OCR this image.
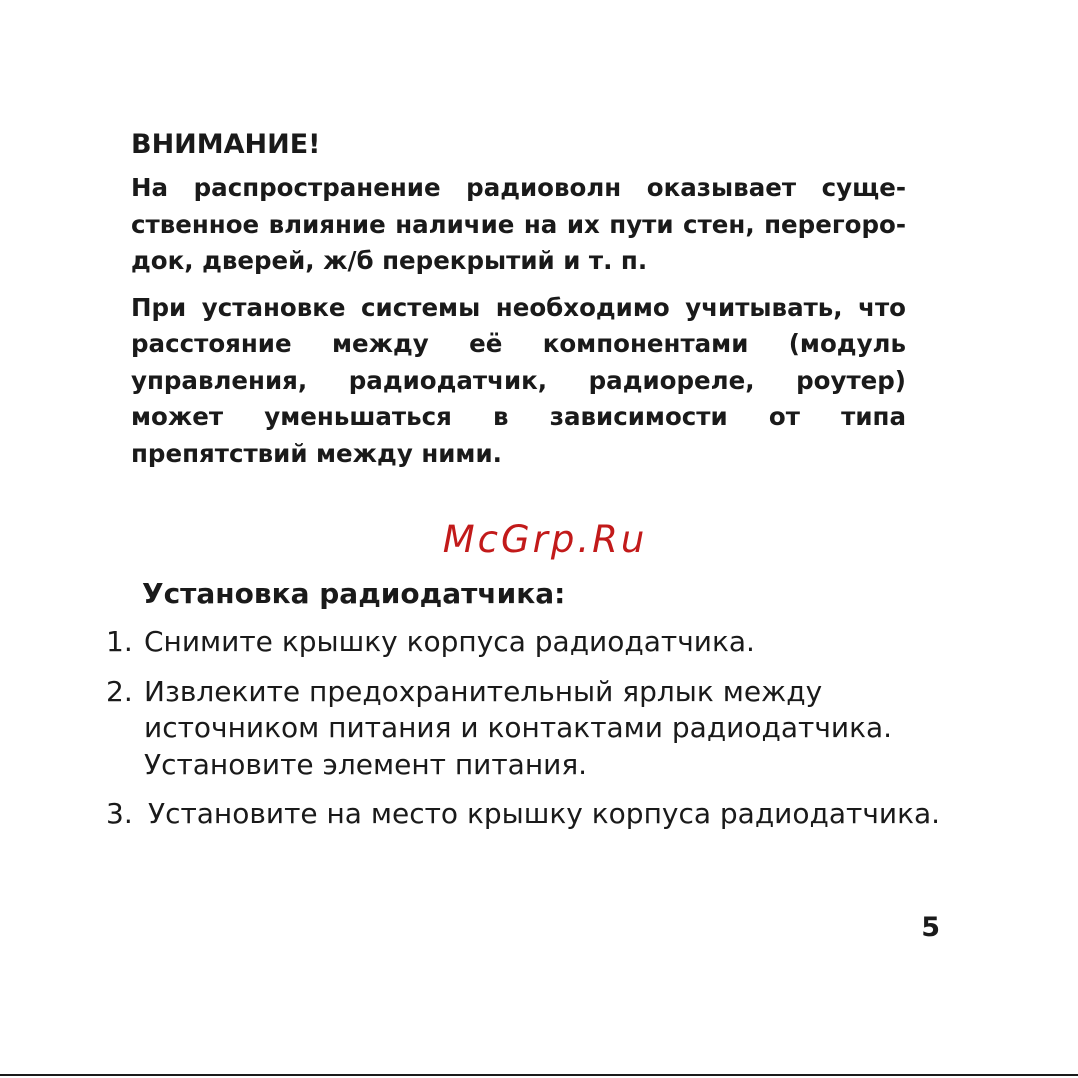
ВНИМАНИЕ!

На распространение радиоволн оказывает существенное влияние наличие на их пути стен, перегородок, дверей, ж/б перекрытий и т. п.

При установке системы необходимо учитывать, что расстояние между её компонентами (модуль управления, радиодатчик, радиореле, роутер) может уменьшаться в зависимости от типа препятствий между ними.

McGrp.Ru

Установка радиодатчика:

1. Снимите крышку корпуса радиодатчика.
2. Извлеките предохранительный ярлык между
источником питания и контактами радиодатчика.
Установите элемент питания.
3. Установите на место крышку корпуса радиодатчика.
5
